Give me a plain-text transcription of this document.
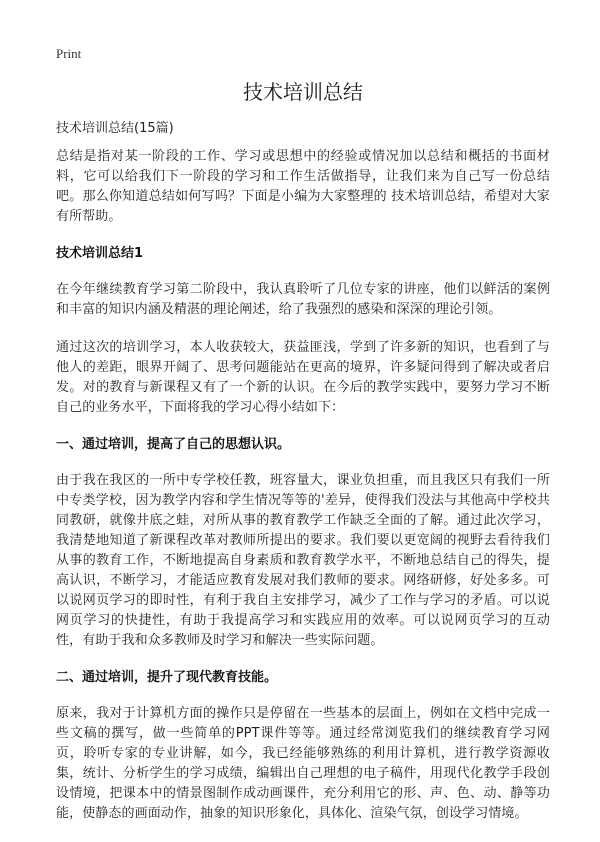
Print
技术培训总结
技术培训总结(15篇)

总结是指对某一阶段的工作、学习或思想中的经验或情况加以总结和概括的书面材料，它可以给我们下一阶段的学习和工作生活做指导，让我们来为自己写一份总结吧。那么你知道总结如何写吗？下面是小编为大家整理的 技术培训总结，希望对大家有所帮助。

技术培训总结1

在今年继续教育学习第二阶段中，我认真聆听了几位专家的讲座，他们以鲜活的案例和丰富的知识内涵及精湛的理论阐述，给了我强烈的感染和深深的理论引领。

通过这次的培训学习，本人收获较大，获益匪浅，学到了许多新的知识，也看到了与他人的差距，眼界开阔了、思考问题能站在更高的境界，许多疑问得到了解决或者启发。对的教育与新课程又有了一个新的认识。在今后的教学实践中，要努力学习不断自己的业务水平，下面将我的学习心得小结如下：

一、通过培训，提高了自己的思想认识。

由于我在我区的一所中专学校任教，班容量大，课业负担重，而且我区只有我们一所中专类学校，因为教学内容和学生情况等等的'差异，使得我们没法与其他高中学校共同教研，就像井底之蛙，对所从事的教育教学工作缺乏全面的了解。通过此次学习，我清楚地知道了新课程改革对教师所提出的要求。我们要以更宽阔的视野去看待我们从事的教育工作，不断地提高自身素质和教育教学水平，不断地总结自己的得失，提高认识，不断学习，才能适应教育发展对我们教师的要求。网络研修，好处多多。可以说网页学习的即时性，有利于我自主安排学习，减少了工作与学习的矛盾。可以说网页学习的快捷性，有助于我提高学习和实践应用的效率。可以说网页学习的互动性，有助于我和众多教师及时学习和解决一些实际问题。

二、通过培训，提升了现代教育技能。

原来，我对于计算机方面的操作只是停留在一些基本的层面上，例如在文档中完成一些文稿的撰写，做一些简单的PPT课件等等。通过经常浏览我们的继续教育学习网页，聆听专家的专业讲解，如今，我已经能够熟练的利用计算机，进行教学资源收集，统计、分析学生的学习成绩，编辑出自己理想的电子稿件，用现代化教学手段创设情境，把课本中的情景图制作成动画课件，充分利用它的形、声、色、动、静等功能，使静态的画面动作，抽象的知识形象化，具体化、渲染气氛，创设学习情境。
